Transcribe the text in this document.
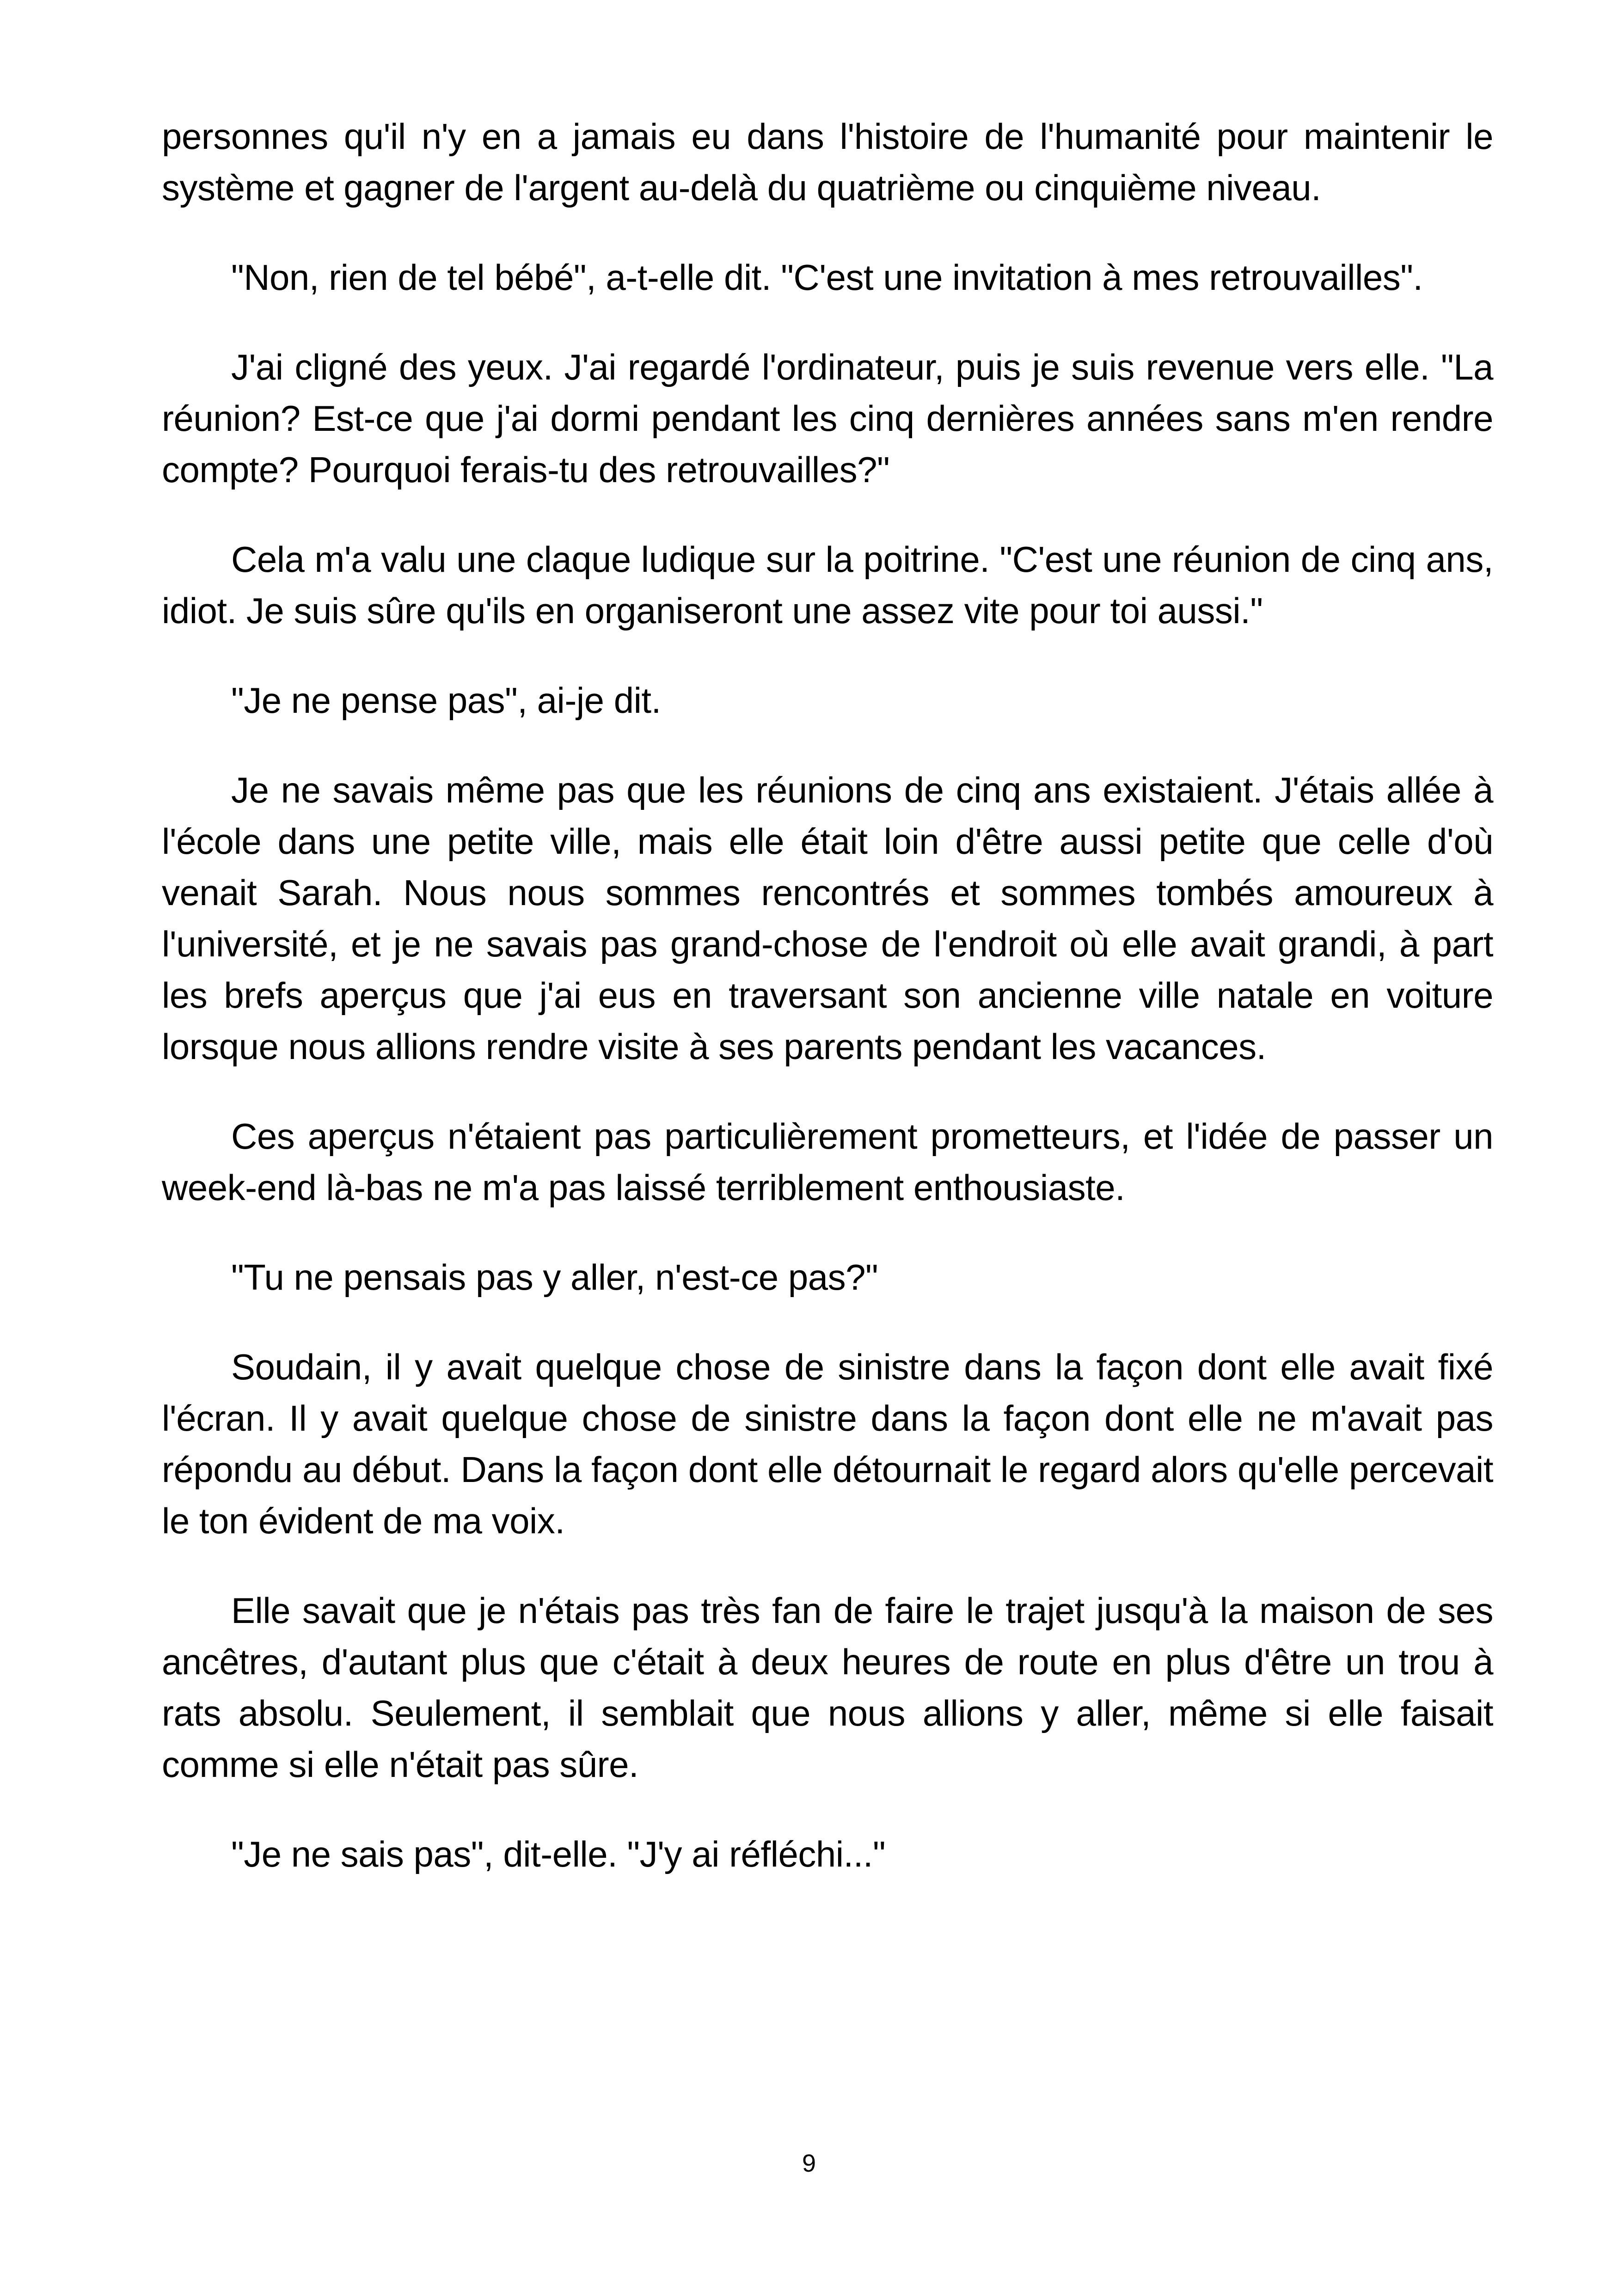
personnes qu'il n'y en a jamais eu dans l'histoire de l'humanité pour maintenir le système et gagner de l'argent au-delà du quatrième ou cinquième niveau.

"Non, rien de tel bébé", a-t-elle dit. "C'est une invitation à mes retrouvailles".

J'ai cligné des yeux. J'ai regardé l'ordinateur, puis je suis revenue vers elle. "La réunion? Est-ce que j'ai dormi pendant les cinq dernières années sans m'en rendre compte? Pourquoi ferais-tu des retrouvailles?"

Cela m'a valu une claque ludique sur la poitrine. "C'est une réunion de cinq ans, idiot. Je suis sûre qu'ils en organiseront une assez vite pour toi aussi."

"Je ne pense pas", ai-je dit.

Je ne savais même pas que les réunions de cinq ans existaient. J'étais allée à l'école dans une petite ville, mais elle était loin d'être aussi petite que celle d'où venait Sarah. Nous nous sommes rencontrés et sommes tombés amoureux à l'université, et je ne savais pas grand-chose de l'endroit où elle avait grandi, à part les brefs aperçus que j'ai eus en traversant son ancienne ville natale en voiture lorsque nous allions rendre visite à ses parents pendant les vacances.

Ces aperçus n'étaient pas particulièrement prometteurs, et l'idée de passer un week-end là-bas ne m'a pas laissé terriblement enthousiaste.

"Tu ne pensais pas y aller, n'est-ce pas?"

Soudain, il y avait quelque chose de sinistre dans la façon dont elle avait fixé l'écran. Il y avait quelque chose de sinistre dans la façon dont elle ne m'avait pas répondu au début. Dans la façon dont elle détournait le regard alors qu'elle percevait le ton évident de ma voix.

Elle savait que je n'étais pas très fan de faire le trajet jusqu'à la maison de ses ancêtres, d'autant plus que c'était à deux heures de route en plus d'être un trou à rats absolu. Seulement, il semblait que nous allions y aller, même si elle faisait comme si elle n'était pas sûre.

"Je ne sais pas", dit-elle. "J'y ai réfléchi..."

9
